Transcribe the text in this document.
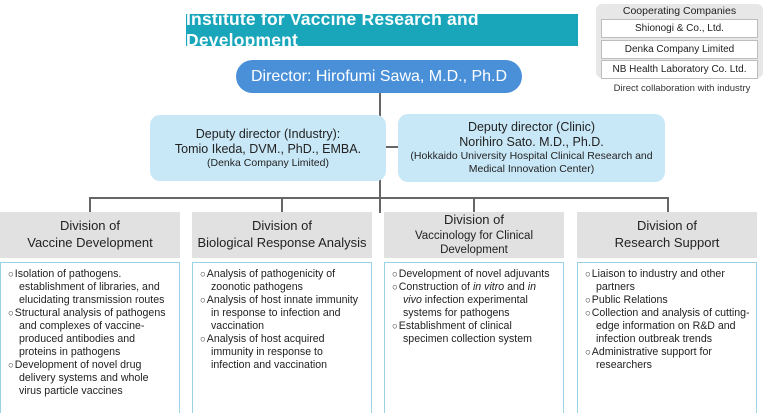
Institute for Vaccine Research and Development
Cooperating Companies
Shionogi & Co., Ltd.
Denka Company Limited
NB Health Laboratory Co. Ltd.
Direct collaboration with industry
Director: Hirofumi Sawa, M.D., Ph.D
Deputy director (Industry):
Tomio Ikeda, DVM., PhD., EMBA.
(Denka Company Limited)
Deputy director (Clinic)
Norihiro Sato. M.D., Ph.D.
(Hokkaido University Hospital Clinical Research and Medical Innovation Center)
Division of
Vaccine Development
Division of
Biological Response Analysis
Division of
Vaccinology for Clinical Development
Division of
Research Support
○ Isolation of pathogens. establishment of libraries, and elucidating transmission routes
○ Structural analysis of pathogens and complexes of vaccine-produced antibodies and proteins in pathogens
○ Development of novel drug delivery systems and whole virus particle vaccines
○ Analysis of pathogenicity of zoonotic pathogens
○ Analysis of host innate immunity in response to infection and vaccination
○ Analysis of host acquired immunity in response to infection and vaccination
○ Development of novel adjuvants
○ Construction of in vitro and in vivo infection experimental systems for pathogens
○ Establishment of clinical specimen collection system
○ Liaison to industry and other partners
○ Public Relations
○ Collection and analysis of cutting-edge information on R&D and infection outbreak trends
○ Administrative support for researchers
